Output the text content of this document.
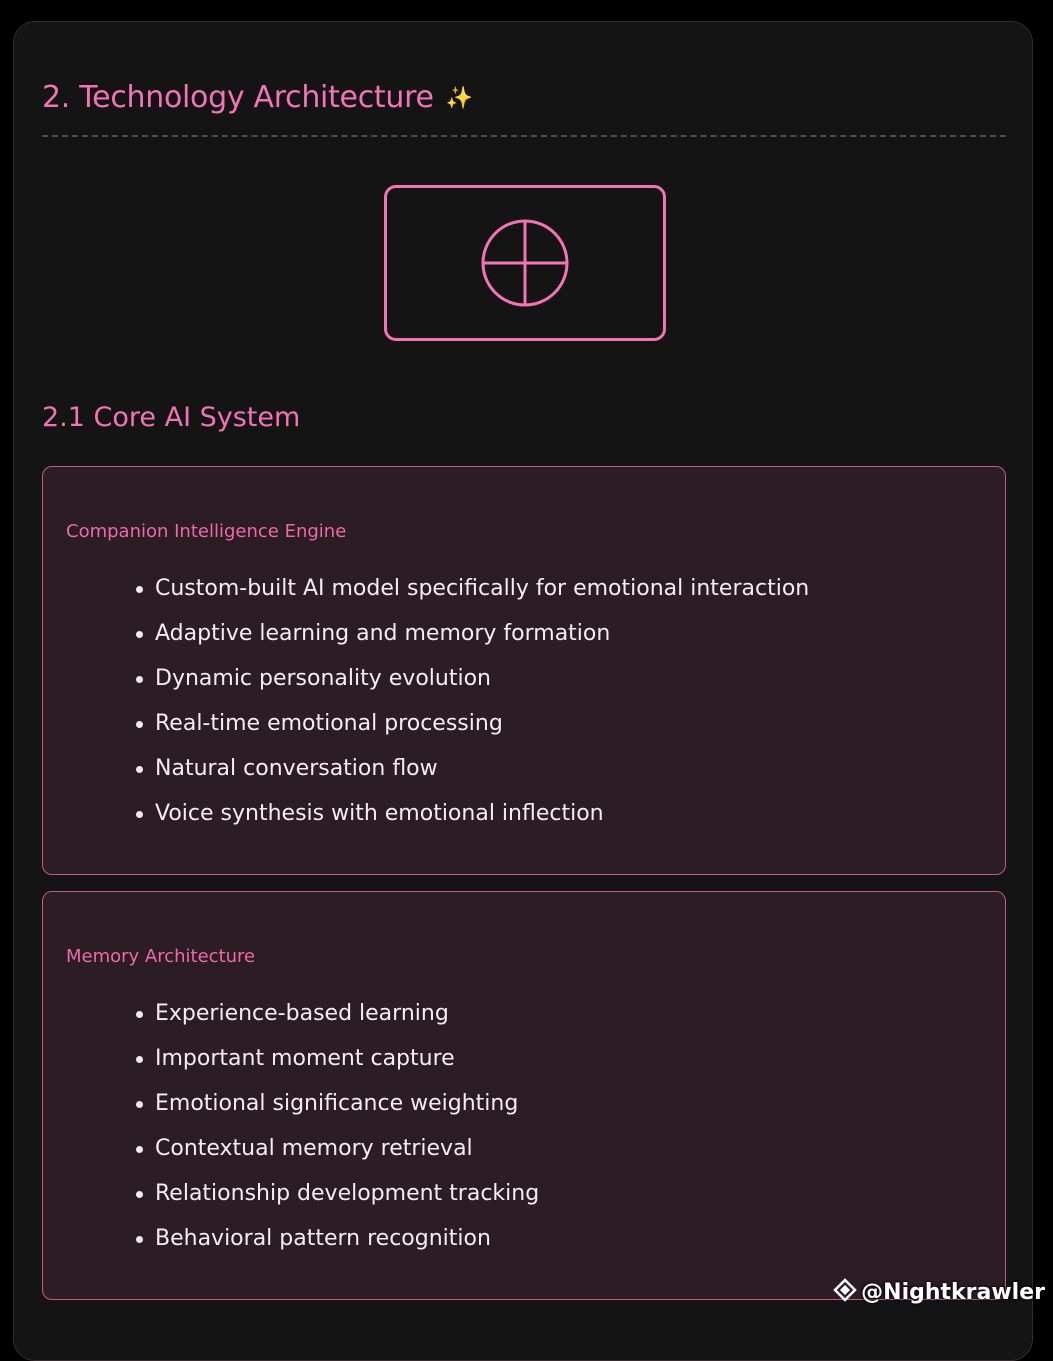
2. Technology Architecture ✨
2.1 Core AI System
Companion Intelligence Engine
Custom-built AI model specifically for emotional interaction
Adaptive learning and memory formation
Dynamic personality evolution
Real-time emotional processing
Natural conversation flow
Voice synthesis with emotional inflection
Memory Architecture
Experience-based learning
Important moment capture
Emotional significance weighting
Contextual memory retrieval
Relationship development tracking
Behavioral pattern recognition
@Nightkrawler
